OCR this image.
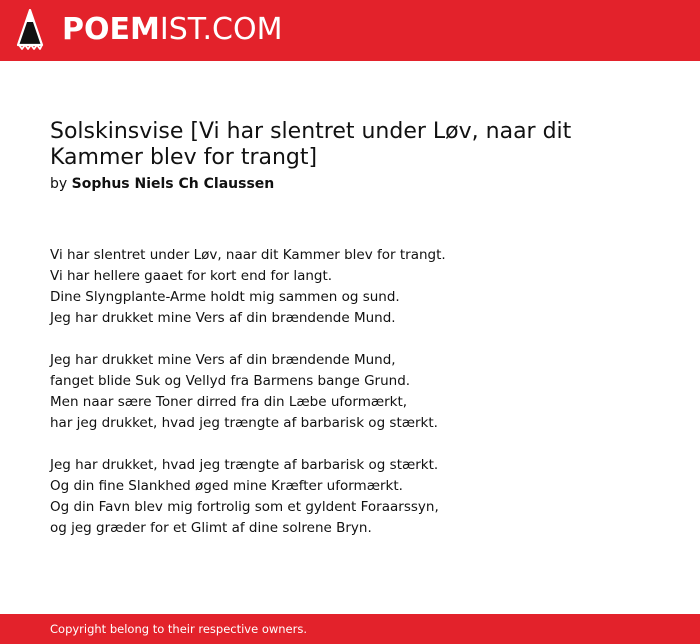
POEMIST.COM
Solskinsvise [Vi har slentret under Løv, naar dit Kammer blev for trangt]
by Sophus Niels Ch Claussen
Vi har slentret under Løv, naar dit Kammer blev for trangt.
Vi har hellere gaaet for kort end for langt.
Dine Slyngplante-Arme holdt mig sammen og sund.
Jeg har drukket mine Vers af din brændende Mund.
Jeg har drukket mine Vers af din brændende Mund,
fanget blide Suk og Vellyd fra Barmens bange Grund.
Men naar sære Toner dirred fra din Læbe uformærkt,
har jeg drukket, hvad jeg trængte af barbarisk og stærkt.
Jeg har drukket, hvad jeg trængte af barbarisk og stærkt.
Og din fine Slankhed øged mine Kræfter uformærkt.
Og din Favn blev mig fortrolig som et gyldent Foraarssyn,
og jeg græder for et Glimt af dine solrene Bryn.
Copyright belong to their respective owners.
